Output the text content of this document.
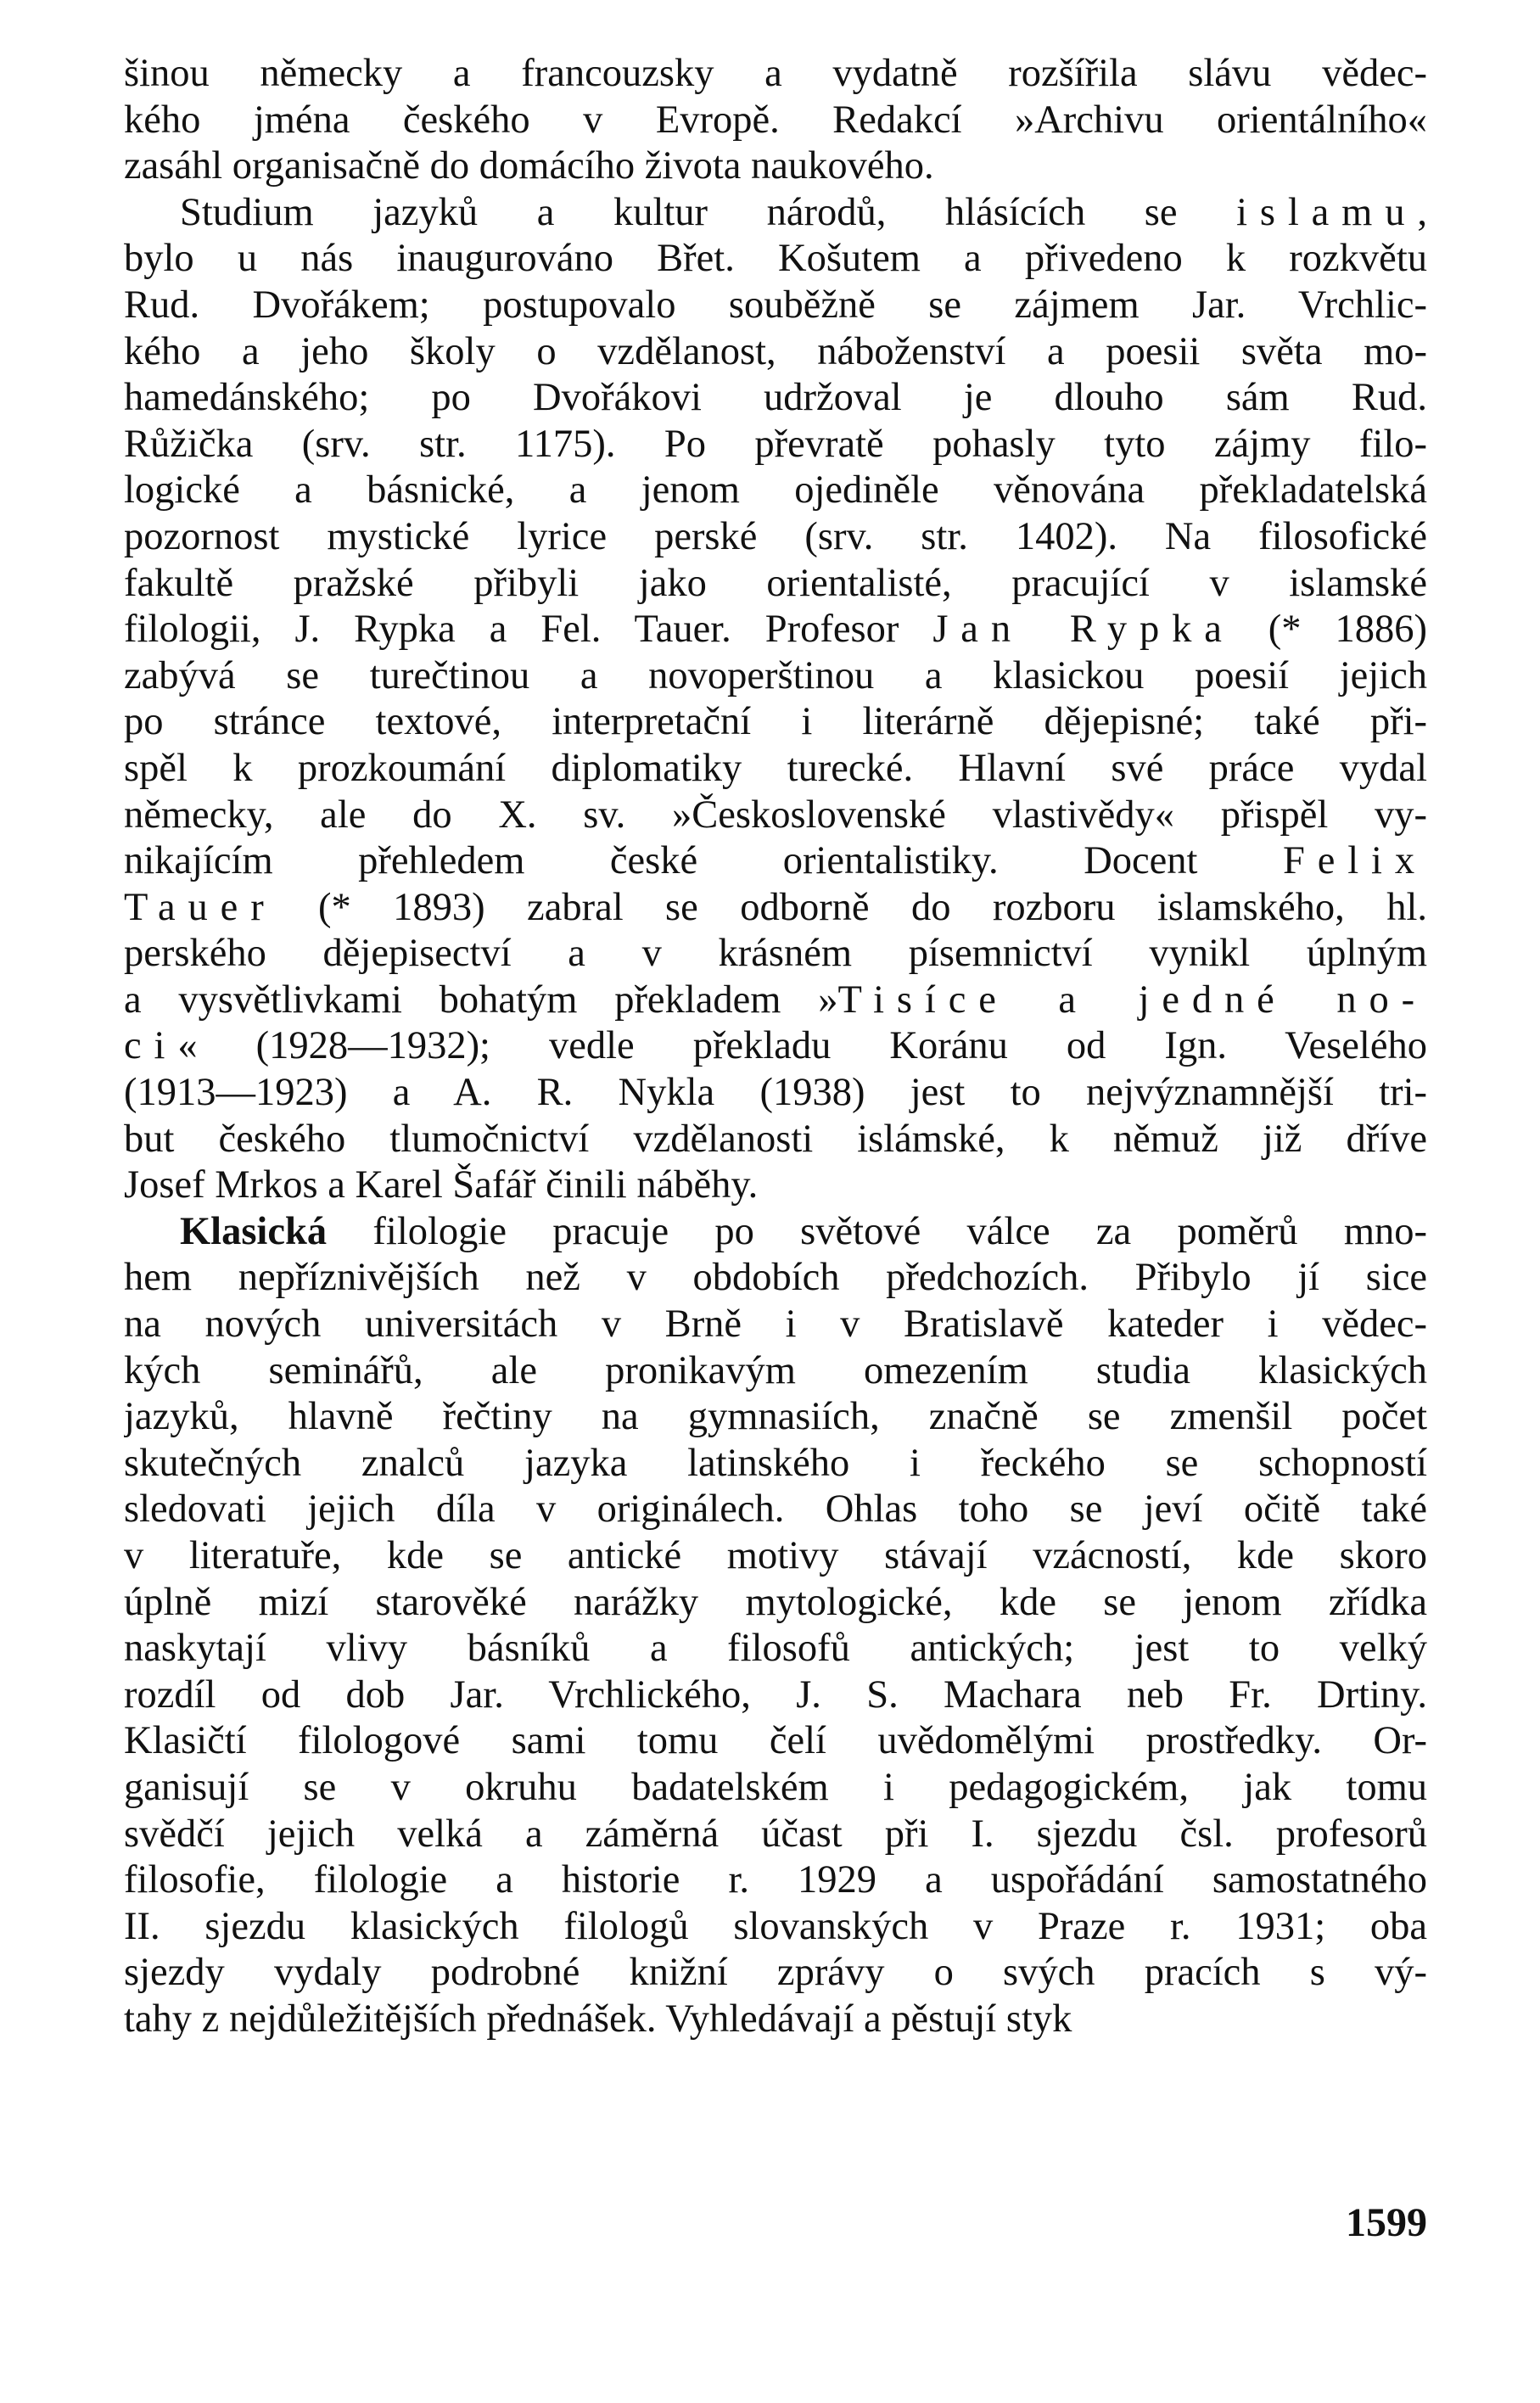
šinou německy a francouzsky a vydatně rozšířila slávu vědec-
kého jména českého v Evropě. Redakcí »Archivu orientálního«
zasáhl organisačně do domácího života naukového.
Studium jazyků a kultur národů, hlásících se islamu,
bylo u nás inaugurováno Břet. Košutem a přivedeno k rozkvětu
Rud. Dvořákem; postupovalo souběžně se zájmem Jar. Vrchlic-
kého a jeho školy o vzdělanost, náboženství a poesii světa mo-
hamedánského; po Dvořákovi udržoval je dlouho sám Rud.
Růžička (srv. str. 1175). Po převratě pohasly tyto zájmy filo-
logické a básnické, a jenom ojediněle věnována překladatelská
pozornost mystické lyrice perské (srv. str. 1402). Na filosofické
fakultě pražské přibyli jako orientalisté, pracující v islamské
filologii, J. Rypka a Fel. Tauer. Profesor Jan Rypka (* 1886)
zabývá se turečtinou a novoperštinou a klasickou poesií jejich
po stránce textové, interpretační i literárně dějepisné; také při-
spěl k prozkoumání diplomatiky turecké. Hlavní své práce vydal
německy, ale do X. sv. »Československé vlastivědy« přispěl vy-
nikajícím přehledem české orientalistiky. Docent Felix
Tauer (* 1893) zabral se odborně do rozboru islamského, hl.
perského dějepisectví a v krásném písemnictví vynikl úplným
a vysvětlivkami bohatým překladem »Tisíce a jedné no-
ci« (1928—1932); vedle překladu Koránu od Ign. Veselého
(1913—1923) a A. R. Nykla (1938) jest to nejvýznamnější tri-
but českého tlumočnictví vzdělanosti islámské, k němuž již dříve
Josef Mrkos a Karel Šafář činili náběhy.
Klasická filologie pracuje po světové válce za poměrů mno-
hem nepříznivějších než v obdobích předchozích. Přibylo jí sice
na nových universitách v Brně i v Bratislavě kateder i vědec-
kých seminářů, ale pronikavým omezením studia klasických
jazyků, hlavně řečtiny na gymnasiích, značně se zmenšil počet
skutečných znalců jazyka latinského i řeckého se schopností
sledovati jejich díla v originálech. Ohlas toho se jeví očitě také
v literatuře, kde se antické motivy stávají vzácností, kde skoro
úplně mizí starověké narážky mytologické, kde se jenom zřídka
naskytají vlivy básníků a filosofů antických; jest to velký
rozdíl od dob Jar. Vrchlického, J. S. Machara neb Fr. Drtiny.
Klasičtí filologové sami tomu čelí uvědomělými prostředky. Or-
ganisují se v okruhu badatelském i pedagogickém, jak tomu
svědčí jejich velká a záměrná účast při I. sjezdu čsl. profesorů
filosofie, filologie a historie r. 1929 a uspořádání samostatného
II. sjezdu klasických filologů slovanských v Praze r. 1931; oba
sjezdy vydaly podrobné knižní zprávy o svých pracích s vý-
tahy z nejdůležitějších přednášek. Vyhledávají a pěstují styk
1599
